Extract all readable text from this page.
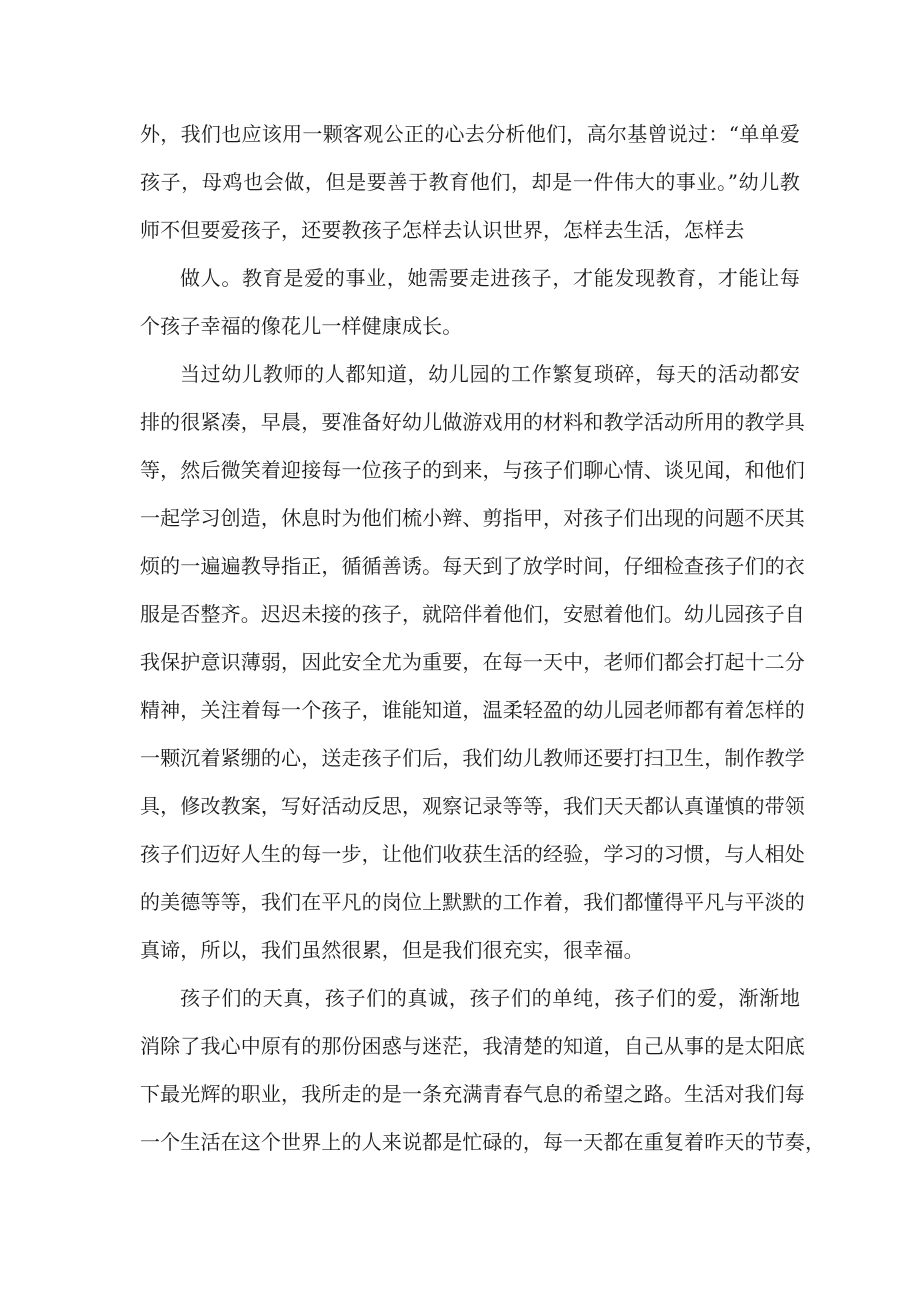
外，我们也应该用一颗客观公正的心去分析他们，高尔基曾说过：“单单爱
孩子，母鸡也会做，但是要善于教育他们，却是一件伟大的事业。”幼儿教
师不但要爱孩子，还要教孩子怎样去认识世界，怎样去生活，怎样去
做人。教育是爱的事业，她需要走进孩子，才能发现教育，才能让每
个孩子幸福的像花儿一样健康成长。
当过幼儿教师的人都知道，幼儿园的工作繁复琐碎，每天的活动都安
排的很紧凑，早晨，要准备好幼儿做游戏用的材料和教学活动所用的教学具
等，然后微笑着迎接每一位孩子的到来，与孩子们聊心情、谈见闻，和他们
一起学习创造，休息时为他们梳小辫、剪指甲，对孩子们出现的问题不厌其
烦的一遍遍教导指正，循循善诱。每天到了放学时间，仔细检查孩子们的衣
服是否整齐。迟迟未接的孩子，就陪伴着他们，安慰着他们。幼儿园孩子自
我保护意识薄弱，因此安全尤为重要，在每一天中，老师们都会打起十二分
精神，关注着每一个孩子，谁能知道，温柔轻盈的幼儿园老师都有着怎样的
一颗沉着紧绷的心，送走孩子们后，我们幼儿教师还要打扫卫生，制作教学
具，修改教案，写好活动反思，观察记录等等，我们天天都认真谨慎的带领
孩子们迈好人生的每一步，让他们收获生活的经验，学习的习惯，与人相处
的美德等等，我们在平凡的岗位上默默的工作着，我们都懂得平凡与平淡的
真谛，所以，我们虽然很累，但是我们很充实，很幸福。
孩子们的天真，孩子们的真诚，孩子们的单纯，孩子们的爱，渐渐地
消除了我心中原有的那份困惑与迷茫，我清楚的知道，自己从事的是太阳底
下最光辉的职业，我所走的是一条充满青春气息的希望之路。生活对我们每
一个生活在这个世界上的人来说都是忙碌的，每一天都在重复着昨天的节奏，
